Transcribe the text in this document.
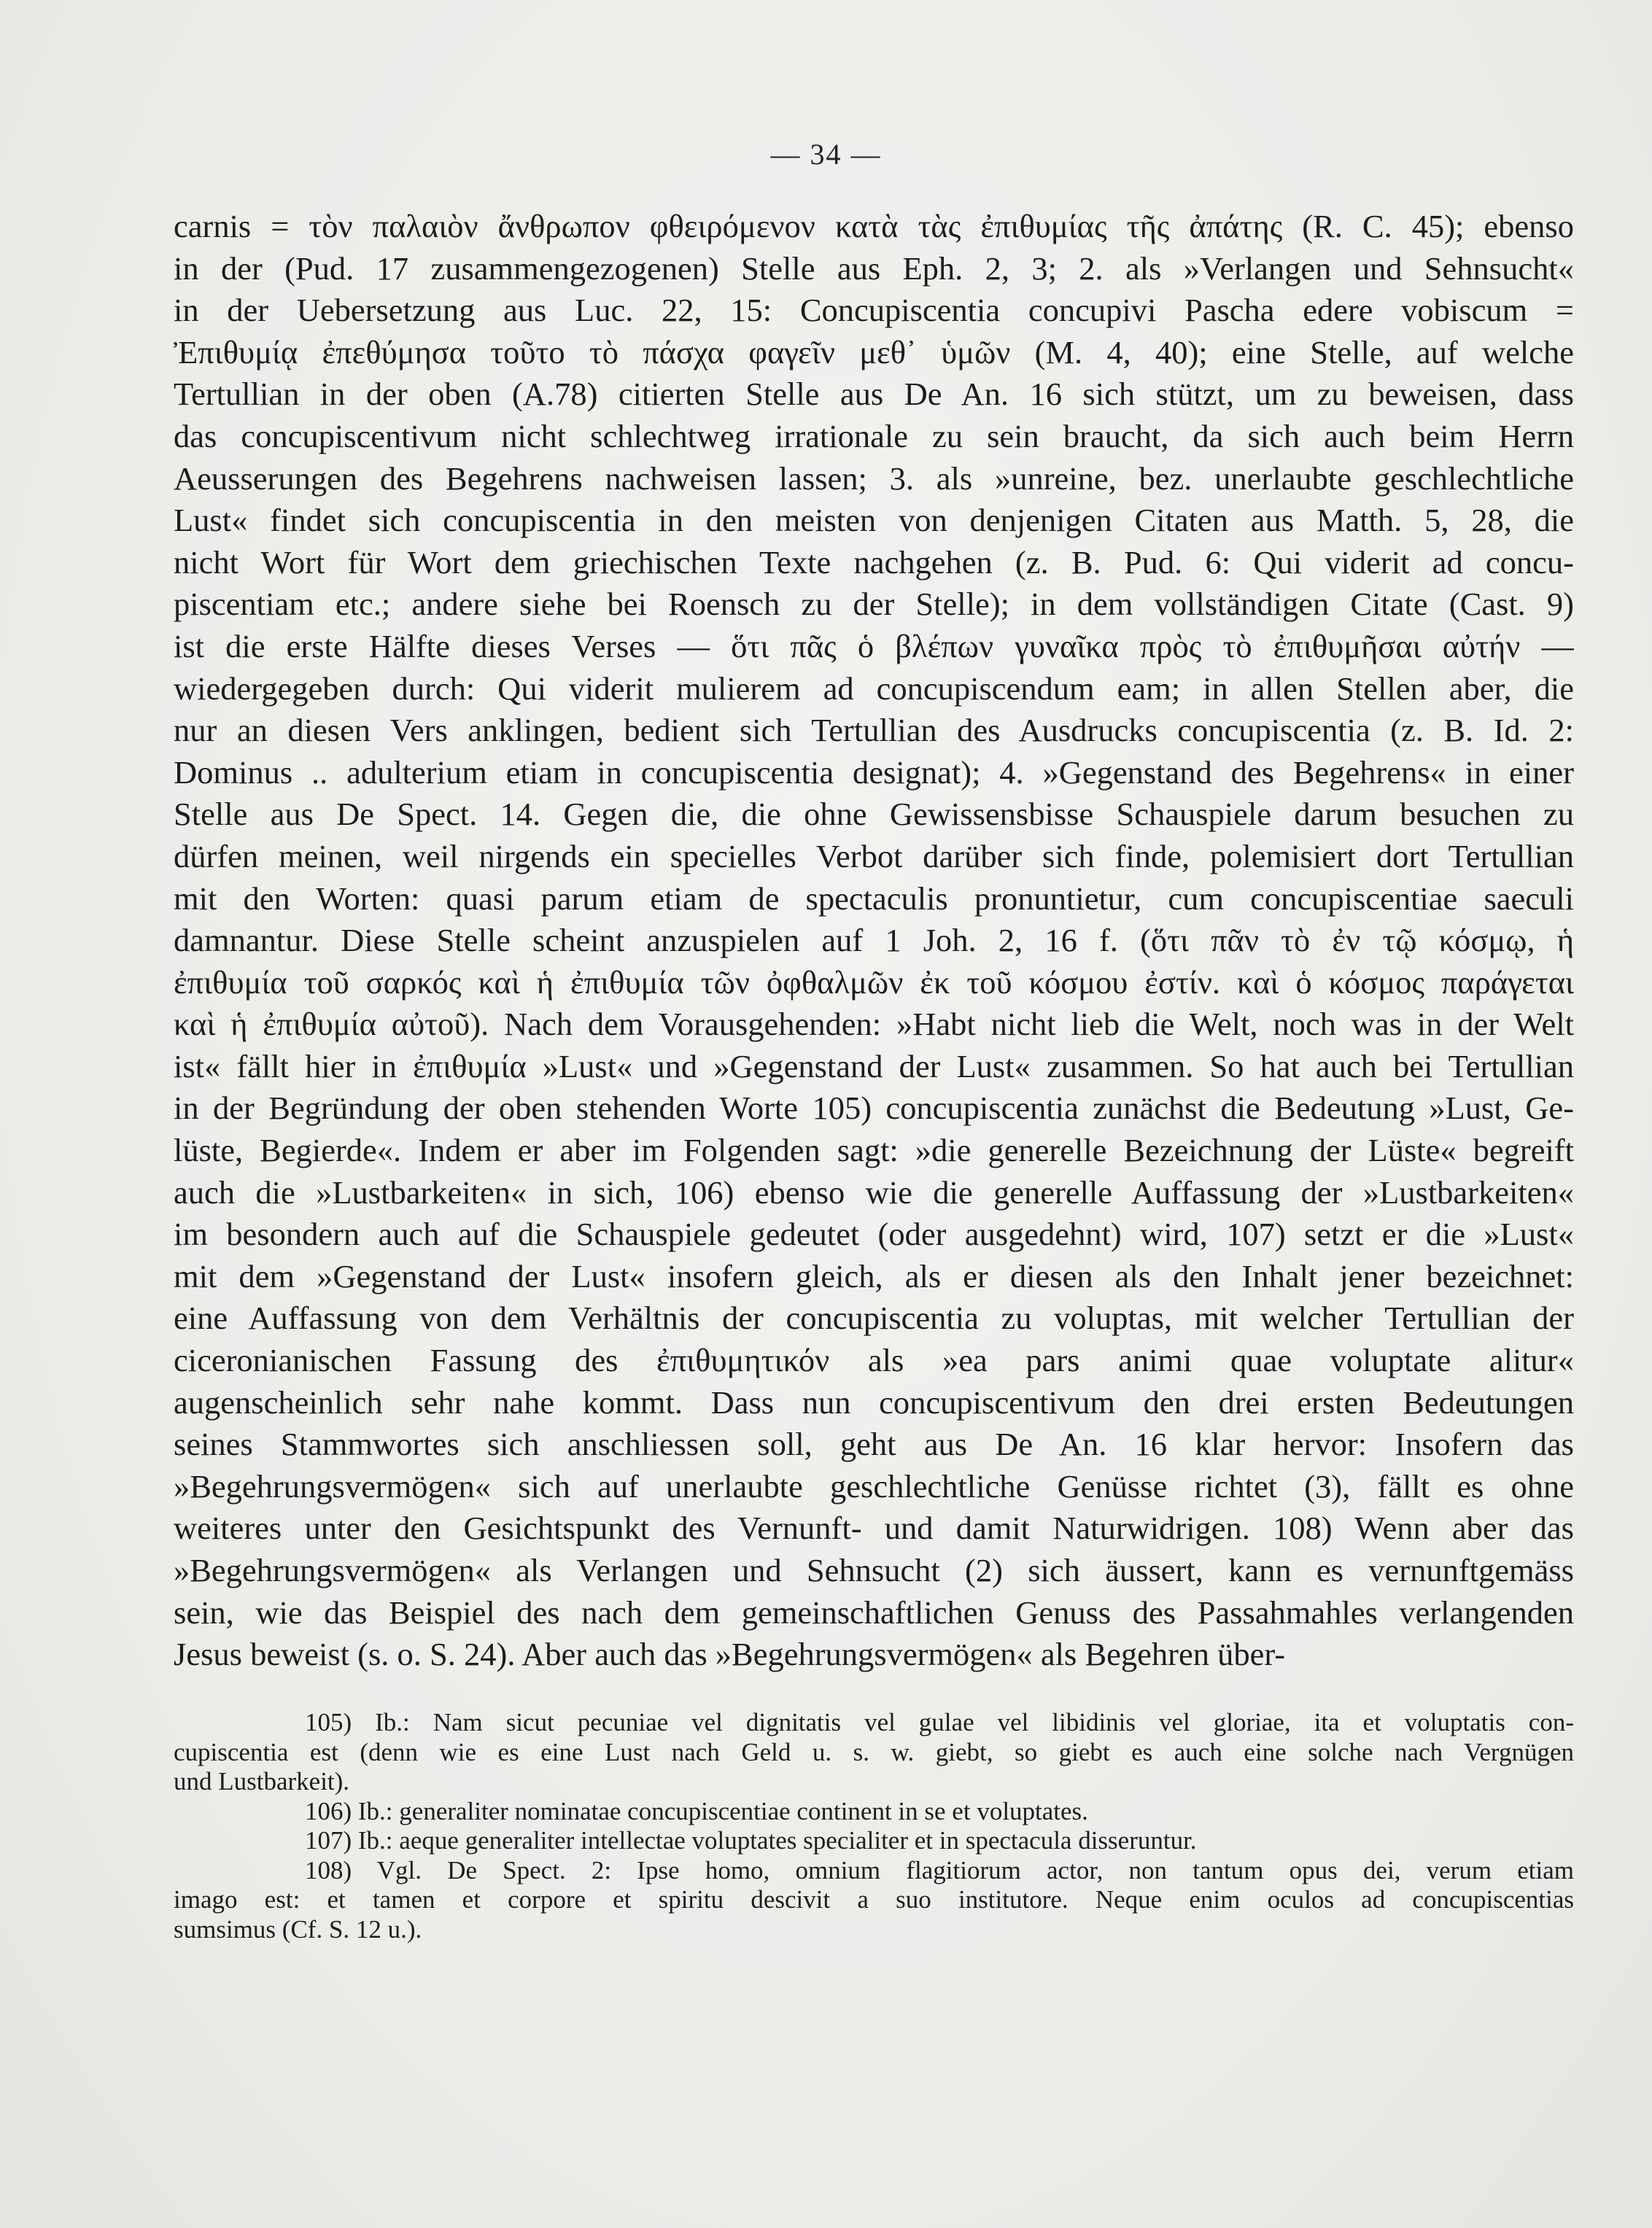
— 34 —
carnis = τὸν παλαιὸν ἄνθρωπον φθειρόμενον κατὰ τὰς ἐπιθυμίας τῆς ἀπάτης (R. C. 45); ebenso
in der (Pud. 17 zusammengezogenen) Stelle aus Eph. 2, 3; 2. als »Verlangen und Sehnsucht«
in der Uebersetzung aus Luc. 22, 15: Concupiscentia concupivi Pascha edere vobiscum =
Ἐπιθυμίᾳ ἐπεθύμησα τοῦτο τὸ πάσχα φαγεῖν μεθ᾽ ὑμῶν (M. 4, 40); eine Stelle, auf welche
Tertullian in der oben (A.78) citierten Stelle aus De An. 16 sich stützt, um zu beweisen, dass
das concupiscentivum nicht schlechtweg irrationale zu sein braucht, da sich auch beim Herrn
Aeusserungen des Begehrens nachweisen lassen; 3. als »unreine, bez. unerlaubte geschlechtliche
Lust« findet sich concupiscentia in den meisten von denjenigen Citaten aus Matth. 5, 28, die
nicht Wort für Wort dem griechischen Texte nachgehen (z. B. Pud. 6: Qui viderit ad concu-
piscentiam etc.; andere siehe bei Roensch zu der Stelle); in dem vollständigen Citate (Cast. 9)
ist die erste Hälfte dieses Verses — ὅτι πᾶς ὁ βλέπων γυναῖκα πρὸς τὸ ἐπιθυμῆσαι αὐτήν —
wiedergegeben durch: Qui viderit mulierem ad concupiscendum eam; in allen Stellen aber, die
nur an diesen Vers anklingen, bedient sich Tertullian des Ausdrucks concupiscentia (z. B. Id. 2:
Dominus .. adulterium etiam in concupiscentia designat); 4. »Gegenstand des Begehrens« in einer
Stelle aus De Spect. 14. Gegen die, die ohne Gewissensbisse Schauspiele darum besuchen zu
dürfen meinen, weil nirgends ein specielles Verbot darüber sich finde, polemisiert dort Tertullian
mit den Worten: quasi parum etiam de spectaculis pronuntietur, cum concupiscentiae saeculi
damnantur. Diese Stelle scheint anzuspielen auf 1 Joh. 2, 16 f. (ὅτι πᾶν τὸ ἐν τῷ κόσμῳ, ἡ
ἐπιθυμία τοῦ σαρκός καὶ ἡ ἐπιθυμία τῶν ὀφθαλμῶν ἐκ τοῦ κόσμου ἐστίν. καὶ ὁ κόσμος παράγεται
καὶ ἡ ἐπιθυμία αὐτοῦ). Nach dem Vorausgehenden: »Habt nicht lieb die Welt, noch was in der Welt
ist« fällt hier in ἐπιθυμία »Lust« und »Gegenstand der Lust« zusammen. So hat auch bei Tertullian
in der Begründung der oben stehenden Worte 105) concupiscentia zunächst die Bedeutung »Lust, Ge-
lüste, Begierde«. Indem er aber im Folgenden sagt: »die generelle Bezeichnung der Lüste« begreift
auch die »Lustbarkeiten« in sich, 106) ebenso wie die generelle Auffassung der »Lustbarkeiten«
im besondern auch auf die Schauspiele gedeutet (oder ausgedehnt) wird, 107) setzt er die »Lust«
mit dem »Gegenstand der Lust« insofern gleich, als er diesen als den Inhalt jener bezeichnet:
eine Auffassung von dem Verhältnis der concupiscentia zu voluptas, mit welcher Tertullian der
ciceronianischen Fassung des ἐπιθυμητικόν als »ea pars animi quae voluptate alitur«
augenscheinlich sehr nahe kommt. Dass nun concupiscentivum den drei ersten Bedeutungen
seines Stammwortes sich anschliessen soll, geht aus De An. 16 klar hervor: Insofern das
»Begehrungsvermögen« sich auf unerlaubte geschlechtliche Genüsse richtet (3), fällt es ohne
weiteres unter den Gesichtspunkt des Vernunft- und damit Naturwidrigen. 108) Wenn aber das
»Begehrungsvermögen« als Verlangen und Sehnsucht (2) sich äussert, kann es vernunftgemäss
sein, wie das Beispiel des nach dem gemeinschaftlichen Genuss des Passahmahles verlangenden
Jesus beweist (s. o. S. 24). Aber auch das »Begehrungsvermögen« als Begehren über-
105) Ib.: Nam sicut pecuniae vel dignitatis vel gulae vel libidinis vel gloriae, ita et voluptatis con-
cupiscentia est (denn wie es eine Lust nach Geld u. s. w. giebt, so giebt es auch eine solche nach Vergnügen
und Lustbarkeit).
106) Ib.: generaliter nominatae concupiscentiae continent in se et voluptates.
107) Ib.: aeque generaliter intellectae voluptates specialiter et in spectacula disseruntur.
108) Vgl. De Spect. 2: Ipse homo, omnium flagitiorum actor, non tantum opus dei, verum etiam
imago est: et tamen et corpore et spiritu descivit a suo institutore. Neque enim oculos ad concupiscentias
sumsimus (Cf. S. 12 u.).
